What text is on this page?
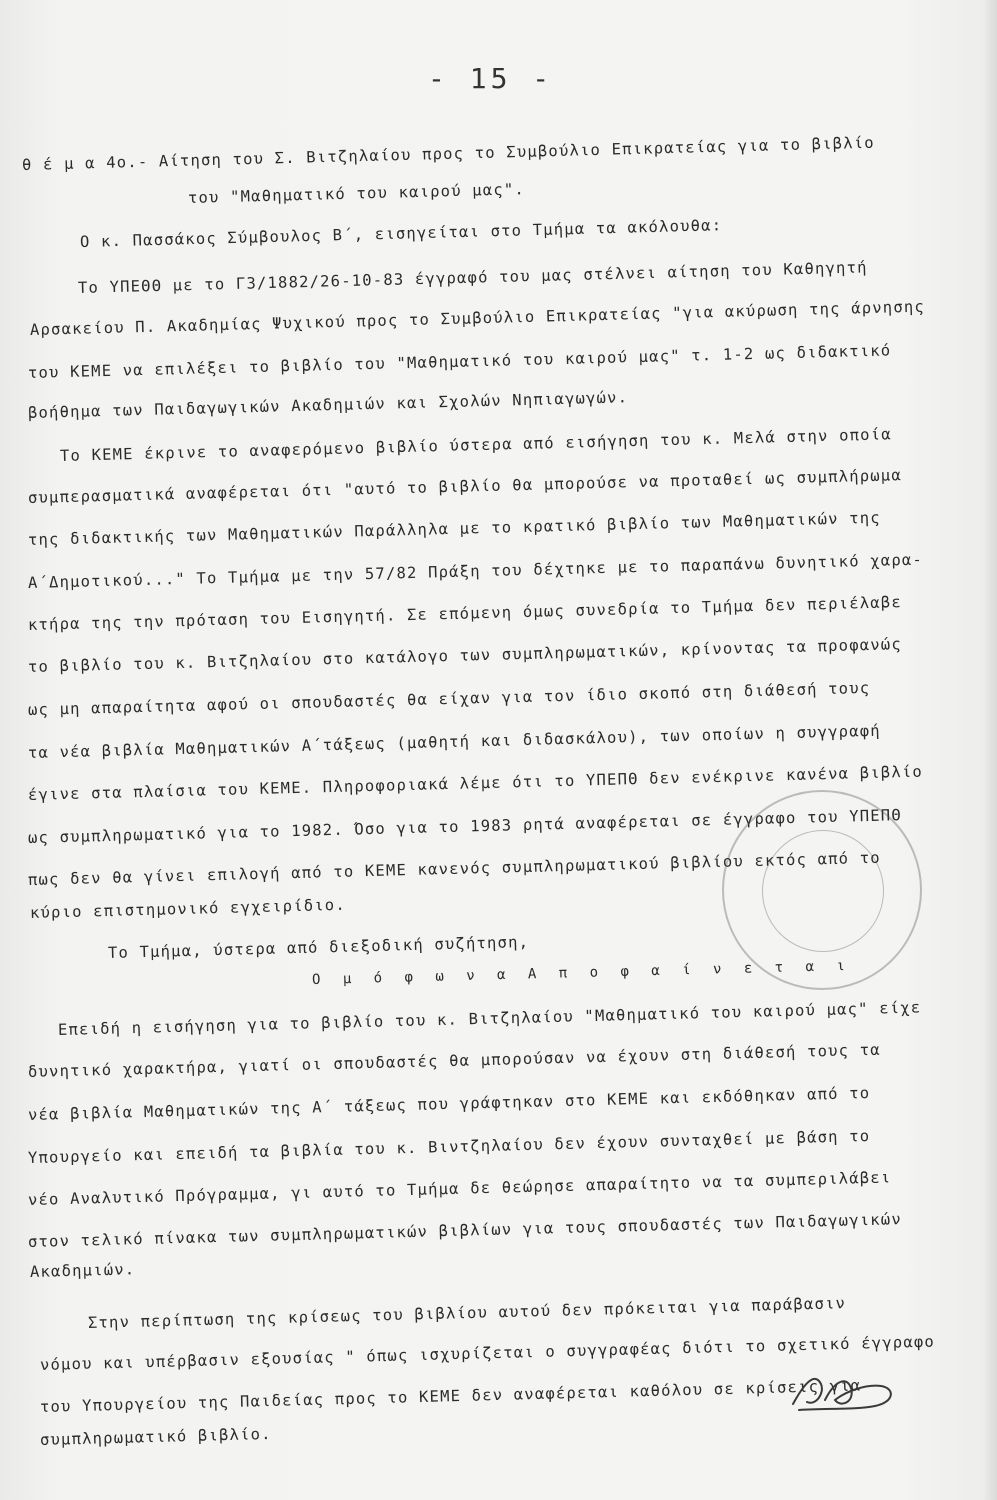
- 15 -
θ έ μ α 4ο.- Αίτηση του Σ. Βιτζηλαίου προς το Συμβούλιο Επικρατείας για το βιβλίο
του "Μαθηματικό του καιρού μας".
Ο κ. Πασσάκος Σύμβουλος Β΄, εισηγείται στο Τμήμα τα ακόλουθα:
Το ΥΠΕΘΘ με το Γ3/1882/26-10-83 έγγραφό του μας στέλνει αίτηση του Καθηγητή
Αρσακείου Π. Ακαδημίας Ψυχικού προς το Συμβούλιο Επικρατείας "για ακύρωση της άρνησης
του ΚΕΜΕ να επιλέξει το βιβλίο του "Μαθηματικό του καιρού μας" τ. 1-2 ως διδακτικό
βοήθημα των Παιδαγωγικών Ακαδημιών και Σχολών Νηπιαγωγών.
Το ΚΕΜΕ έκρινε το αναφερόμενο βιβλίο ύστερα από εισήγηση του κ. Μελά στην οποία
συμπερασματικά αναφέρεται ότι "αυτό το βιβλίο θα μπορούσε να προταθεί ως συμπλήρωμα
της διδακτικής των Μαθηματικών Παράλληλα με το κρατικό βιβλίο των Μαθηματικών της
Α΄Δημοτικού..." Το Τμήμα με την 57/82 Πράξη του δέχτηκε με το παραπάνω δυνητικό χαρα-
κτήρα της την πρόταση του Εισηγητή. Σε επόμενη όμως συνεδρία το Τμήμα δεν περιέλαβε
το βιβλίο του κ. Βιτζηλαίου στο κατάλογο των συμπληρωματικών, κρίνοντας τα προφανώς
ως μη απαραίτητα αφού οι σπουδαστές θα είχαν για τον ίδιο σκοπό στη διάθεσή τους
τα νέα βιβλία Μαθηματικών Α΄τάξεως (μαθητή και διδασκάλου), των οποίων η συγγραφή
έγινε στα πλαίσια του ΚΕΜΕ. Πληροφοριακά λέμε ότι το ΥΠΕΠΘ δεν ενέκρινε κανένα βιβλίο
ως συμπληρωματικό για το 1982. Όσο για το 1983 ρητά αναφέρεται σε έγγραφο του ΥΠΕΠΘ
πως δεν θα γίνει επιλογή από το ΚΕΜΕ κανενός συμπληρωματικού βιβλίου εκτός από το
κύριο επιστημονικό εγχειρίδιο.
Το Τμήμα, ύστερα από διεξοδική συζήτηση,
Ο μ ό φ ω ν α Α π ο φ α ί ν ε τ α ι
Επειδή η εισήγηση για το βιβλίο του κ. Βιτζηλαίου "Μαθηματικό του καιρού μας" είχε
δυνητικό χαρακτήρα, γιατί οι σπουδαστές θα μπορούσαν να έχουν στη διάθεσή τους τα
νέα βιβλία Μαθηματικών της Α΄ τάξεως που γράφτηκαν στο ΚΕΜΕ και εκδόθηκαν από το
Υπουργείο και επειδή τα βιβλία του κ. Βιντζηλαίου δεν έχουν συνταχθεί με βάση το
νέο Αναλυτικό Πρόγραμμα, γι αυτό το Τμήμα δε θεώρησε απαραίτητο να τα συμπεριλάβει
στον τελικό πίνακα των συμπληρωματικών βιβλίων για τους σπουδαστές των Παιδαγωγικών
Ακαδημιών.
Στην περίπτωση της κρίσεως του βιβλίου αυτού δεν πρόκειται για παράβασιν
νόμου και υπέρβασιν εξουσίας " όπως ισχυρίζεται ο συγγραφέας διότι το σχετικό έγγραφο
του Υπουργείου της Παιδείας προς το ΚΕΜΕ δεν αναφέρεται καθόλου σε κρίσεις για
συμπληρωματικό βιβλίο.
